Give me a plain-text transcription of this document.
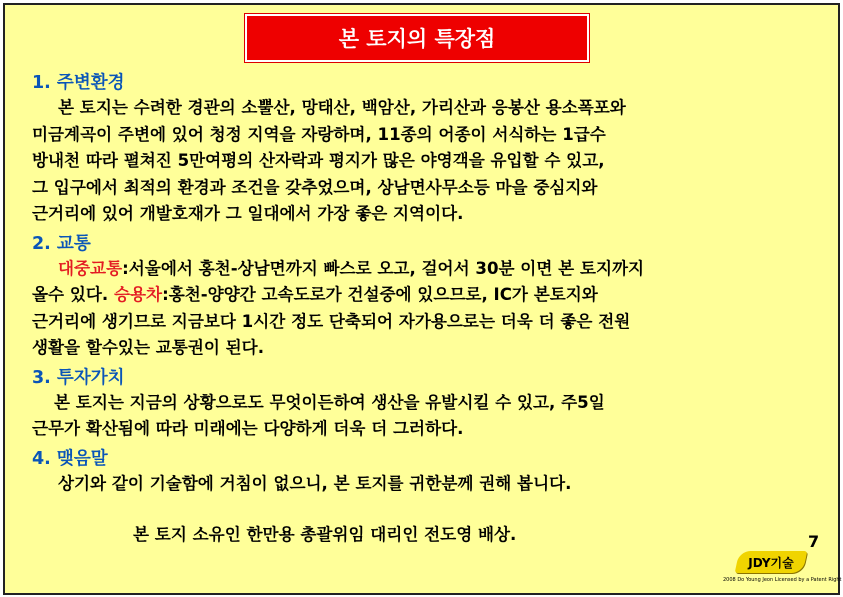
본 토지의 특장점
1. 주변환경
본 토지는 수려한 경관의 소뿔산, 망태산, 백암산, 가리산과 응봉산 용소폭포와
미금계곡이 주변에 있어 청정 지역을 자랑하며, 11종의 어종이 서식하는 1급수
방내천 따라 펼쳐진 5만여평의 산자락과 평지가 많은 야영객을 유입할 수 있고,
그 입구에서 최적의 환경과 조건을 갖추었으며, 상남면사무소등 마을 중심지와
근거리에 있어 개발호재가 그 일대에서 가장 좋은 지역이다.
2. 교통
대중교통:서울에서 홍천-상남면까지 빠스로 오고, 걸어서 30분 이면 본 토지까지
올수 있다. 승용차:홍천-양양간 고속도로가 건설중에 있으므로, IC가 본토지와
근거리에 생기므로 지금보다 1시간 정도 단축되어 자가용으로는 더욱 더 좋은 전원
생활을 할수있는 교통권이 된다.
3. 투자가치
본 토지는 지금의 상황으로도 무엇이든하여 생산을 유발시킬 수 있고, 주5일
근무가 확산됨에 따라 미래에는 다양하게 더욱 더 그러하다.
4. 맺음말
상기와 같이 기술함에 거침이 없으니, 본 토지를 귀한분께 권해 봅니다.
본 토지 소유인 한만용 총괄위임 대리인 전도영 배상.	7
JDY기술
2008 Do Young Jeon Licensed by a Patent Right
